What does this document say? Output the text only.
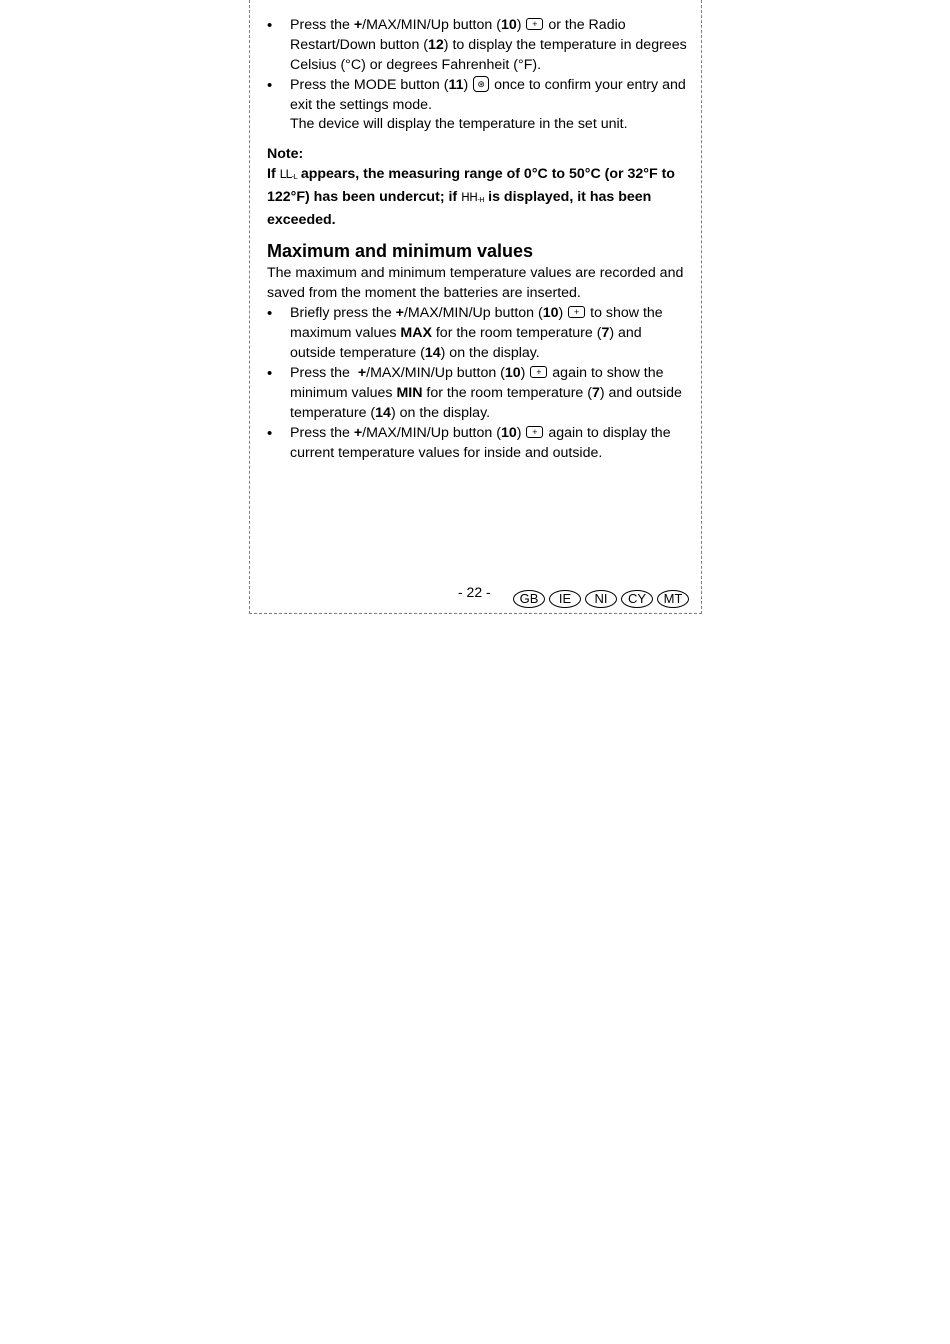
• Press the +/MAX/MIN/Up button (10) + or the Radio Restart/Down button (12) to display the temperature in degrees Celsius (°C) or degrees Fahrenheit (°F).
• Press the MODE button (11) ⊛ once to confirm your entry and exit the settings mode.
The device will display the temperature in the set unit.
Note:
If $LL_{-L}$ appears, the measuring range of 0°C to 50°C (or 32°F to 122°F) has been undercut; if $HH_{-H}$ is displayed, it has been exceeded.
Maximum and minimum values

The maximum and minimum temperature values are recorded and saved from the moment the batteries are inserted.

• Briefly press the +/MAX/MIN/Up button (10) + to show the maximum values MAX for the room temperature (7) and outside temperature (14) on the display.
• Press the  +/MAX/MIN/Up button (10) + again to show the minimum values MIN for the room temperature (7) and outside temperature (14) on the display.
• Press the +/MAX/MIN/Up button (10) + again to display the current temperature values for inside and outside.
- 22 -	GB	IE	NI	CY	MT
